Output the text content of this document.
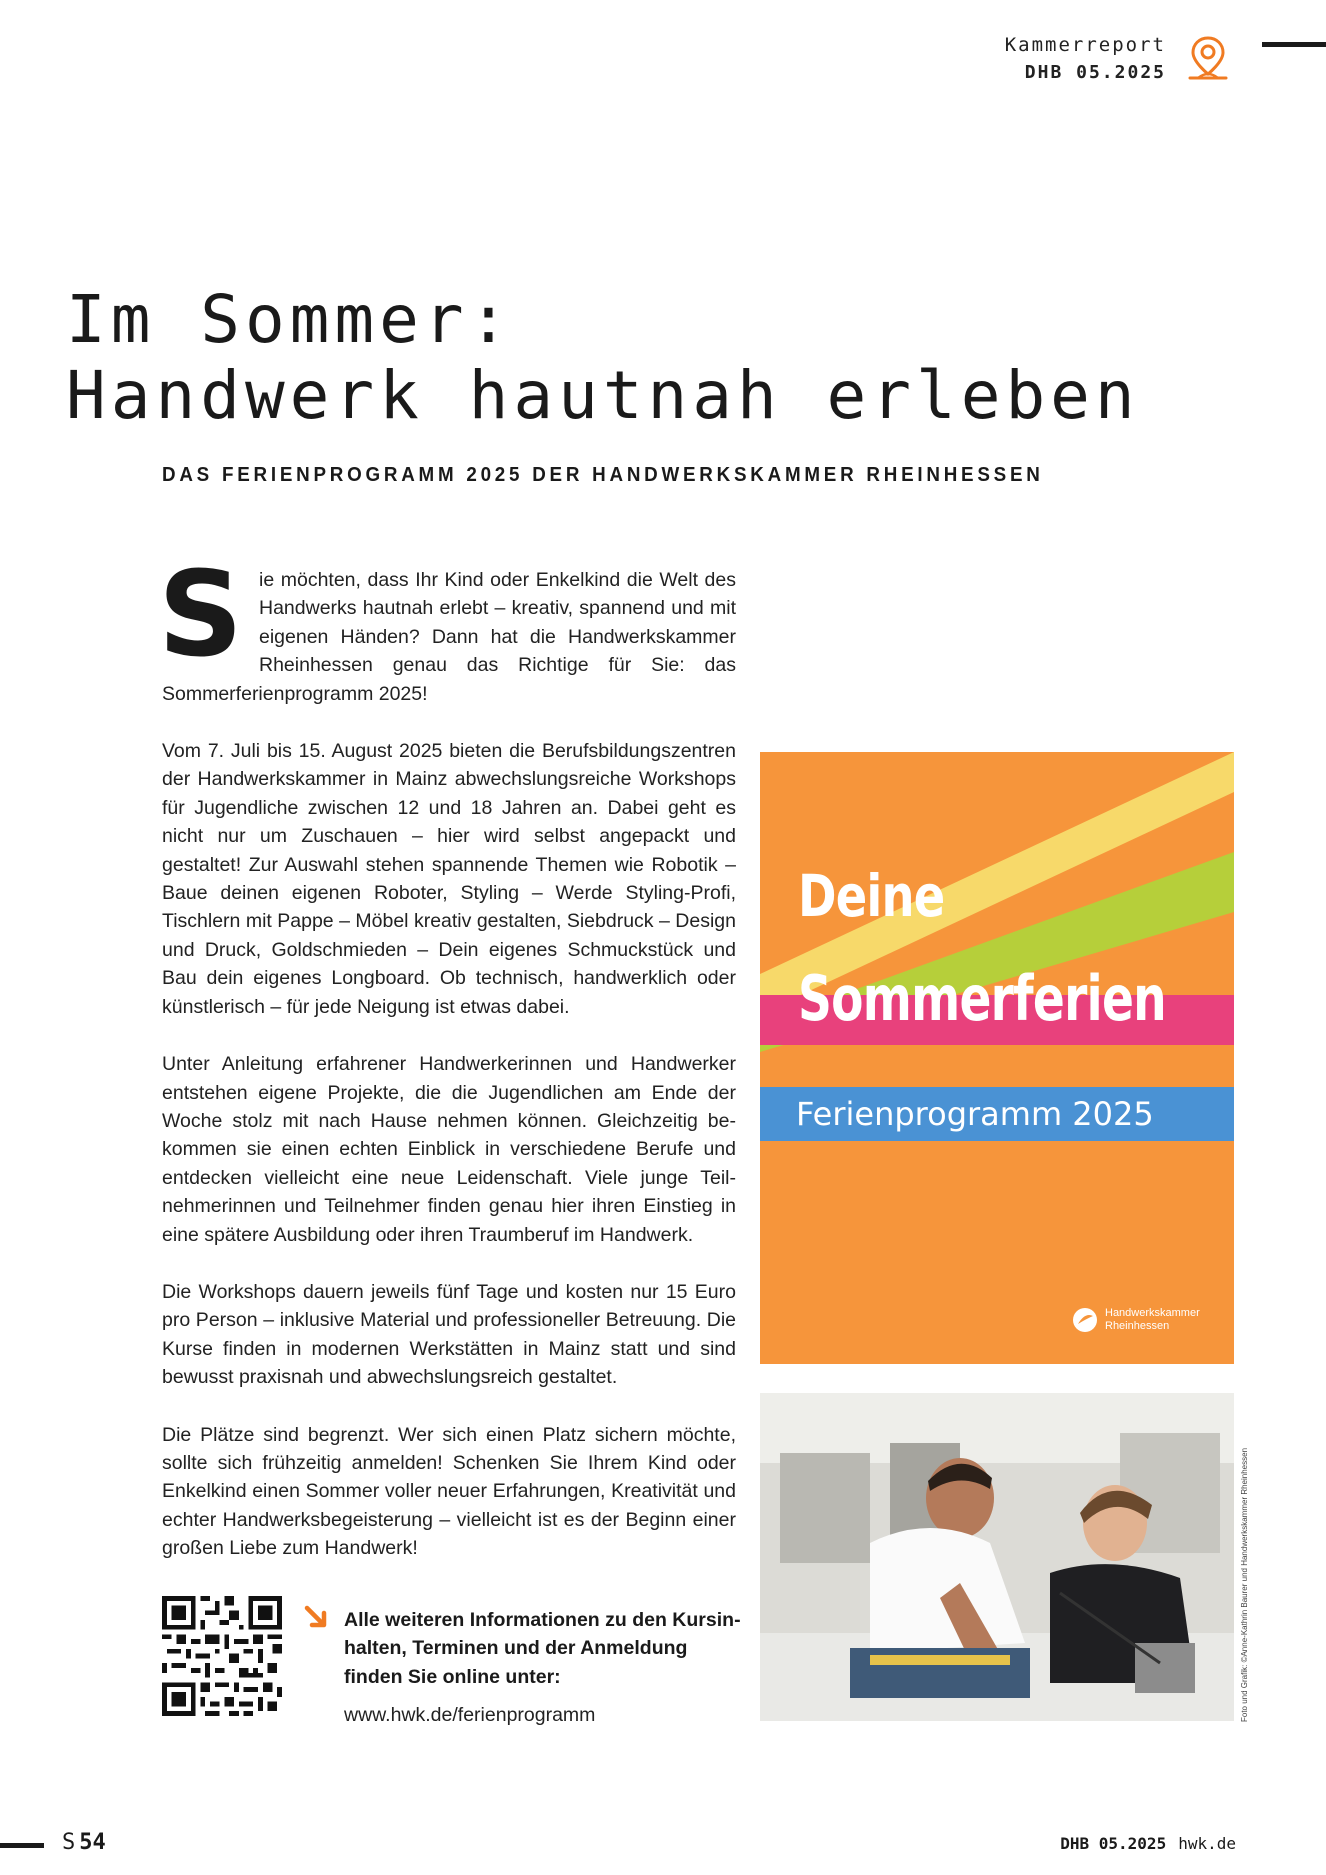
Kammerreport
DHB 05.2025
Im Sommer:
Handwerk hautnah erleben
DAS FERIENPROGRAMM 2025 DER HANDWERKSKAMMER RHEINHESSEN

Sie möchten, dass Ihr Kind oder Enkelkind die Welt des Handwerks hautnah erlebt – kreativ, spannend und mit eigenen Händen? Dann hat die Handwerkskammer Rheinhessen genau das Richtige für Sie: das Sommerferienprogramm 2025!

Vom 7. Juli bis 15. August 2025 bieten die Berufsbildungszentren der Handwerkskammer in Mainz abwechslungsreiche Workshops für Jugendliche zwischen 12 und 18 Jahren an. Dabei geht es nicht nur um Zuschauen – hier wird selbst angepackt und gestaltet! Zur Auswahl stehen spannende Themen wie Robotik – Baue deinen eigenen Roboter, Styling – Werde Styling-Profi, Tischlern mit Pappe – Möbel kreativ gestalten, Siebdruck – Design und Druck, Goldschmieden – Dein eigenes Schmuckstück und Bau dein eigenes Longboard. Ob technisch, handwerklich oder künstlerisch – für jede Neigung ist etwas dabei.

Unter Anleitung erfahrener Handwerkerinnen und Handwerker entstehen eigene Projekte, die die Jugendlichen am Ende der Woche stolz mit nach Hause nehmen können. Gleichzeitig bekommen sie einen echten Einblick in verschiedene Berufe und entdecken vielleicht eine neue Leidenschaft. Viele junge Teilnehmerinnen und Teilnehmer finden genau hier ihren Einstieg in eine spätere Ausbildung oder ihren Traumberuf im Handwerk.

Die Workshops dauern jeweils fünf Tage und kosten nur 15 Euro pro Person – inklusive Material und professioneller Betreuung. Die Kurse finden in modernen Werkstätten in Mainz statt und sind bewusst praxisnah und abwechslungsreich gestaltet.

Die Plätze sind begrenzt. Wer sich einen Platz sichern möchte, sollte sich frühzeitig anmelden! Schenken Sie Ihrem Kind oder Enkelkind einen Sommer voller neuer Erfahrungen, Kreativität und echter Handwerksbegeisterung – vielleicht ist es der Beginn einer großen Liebe zum Handwerk!

Alle weiteren Informationen zu den Kursinhalten, Terminen und der Anmeldung finden Sie online unter:
www.hwk.de/ferienprogramm
Deine
Sommerferien
Ferienprogramm 2025
Handwerkskammer
Rheinhessen
Foto und Grafik: ©Anne-Kathrin Baurer und Handwerkskammer Rheinhessen
S 54	DHB 05.2025 hwk.de
